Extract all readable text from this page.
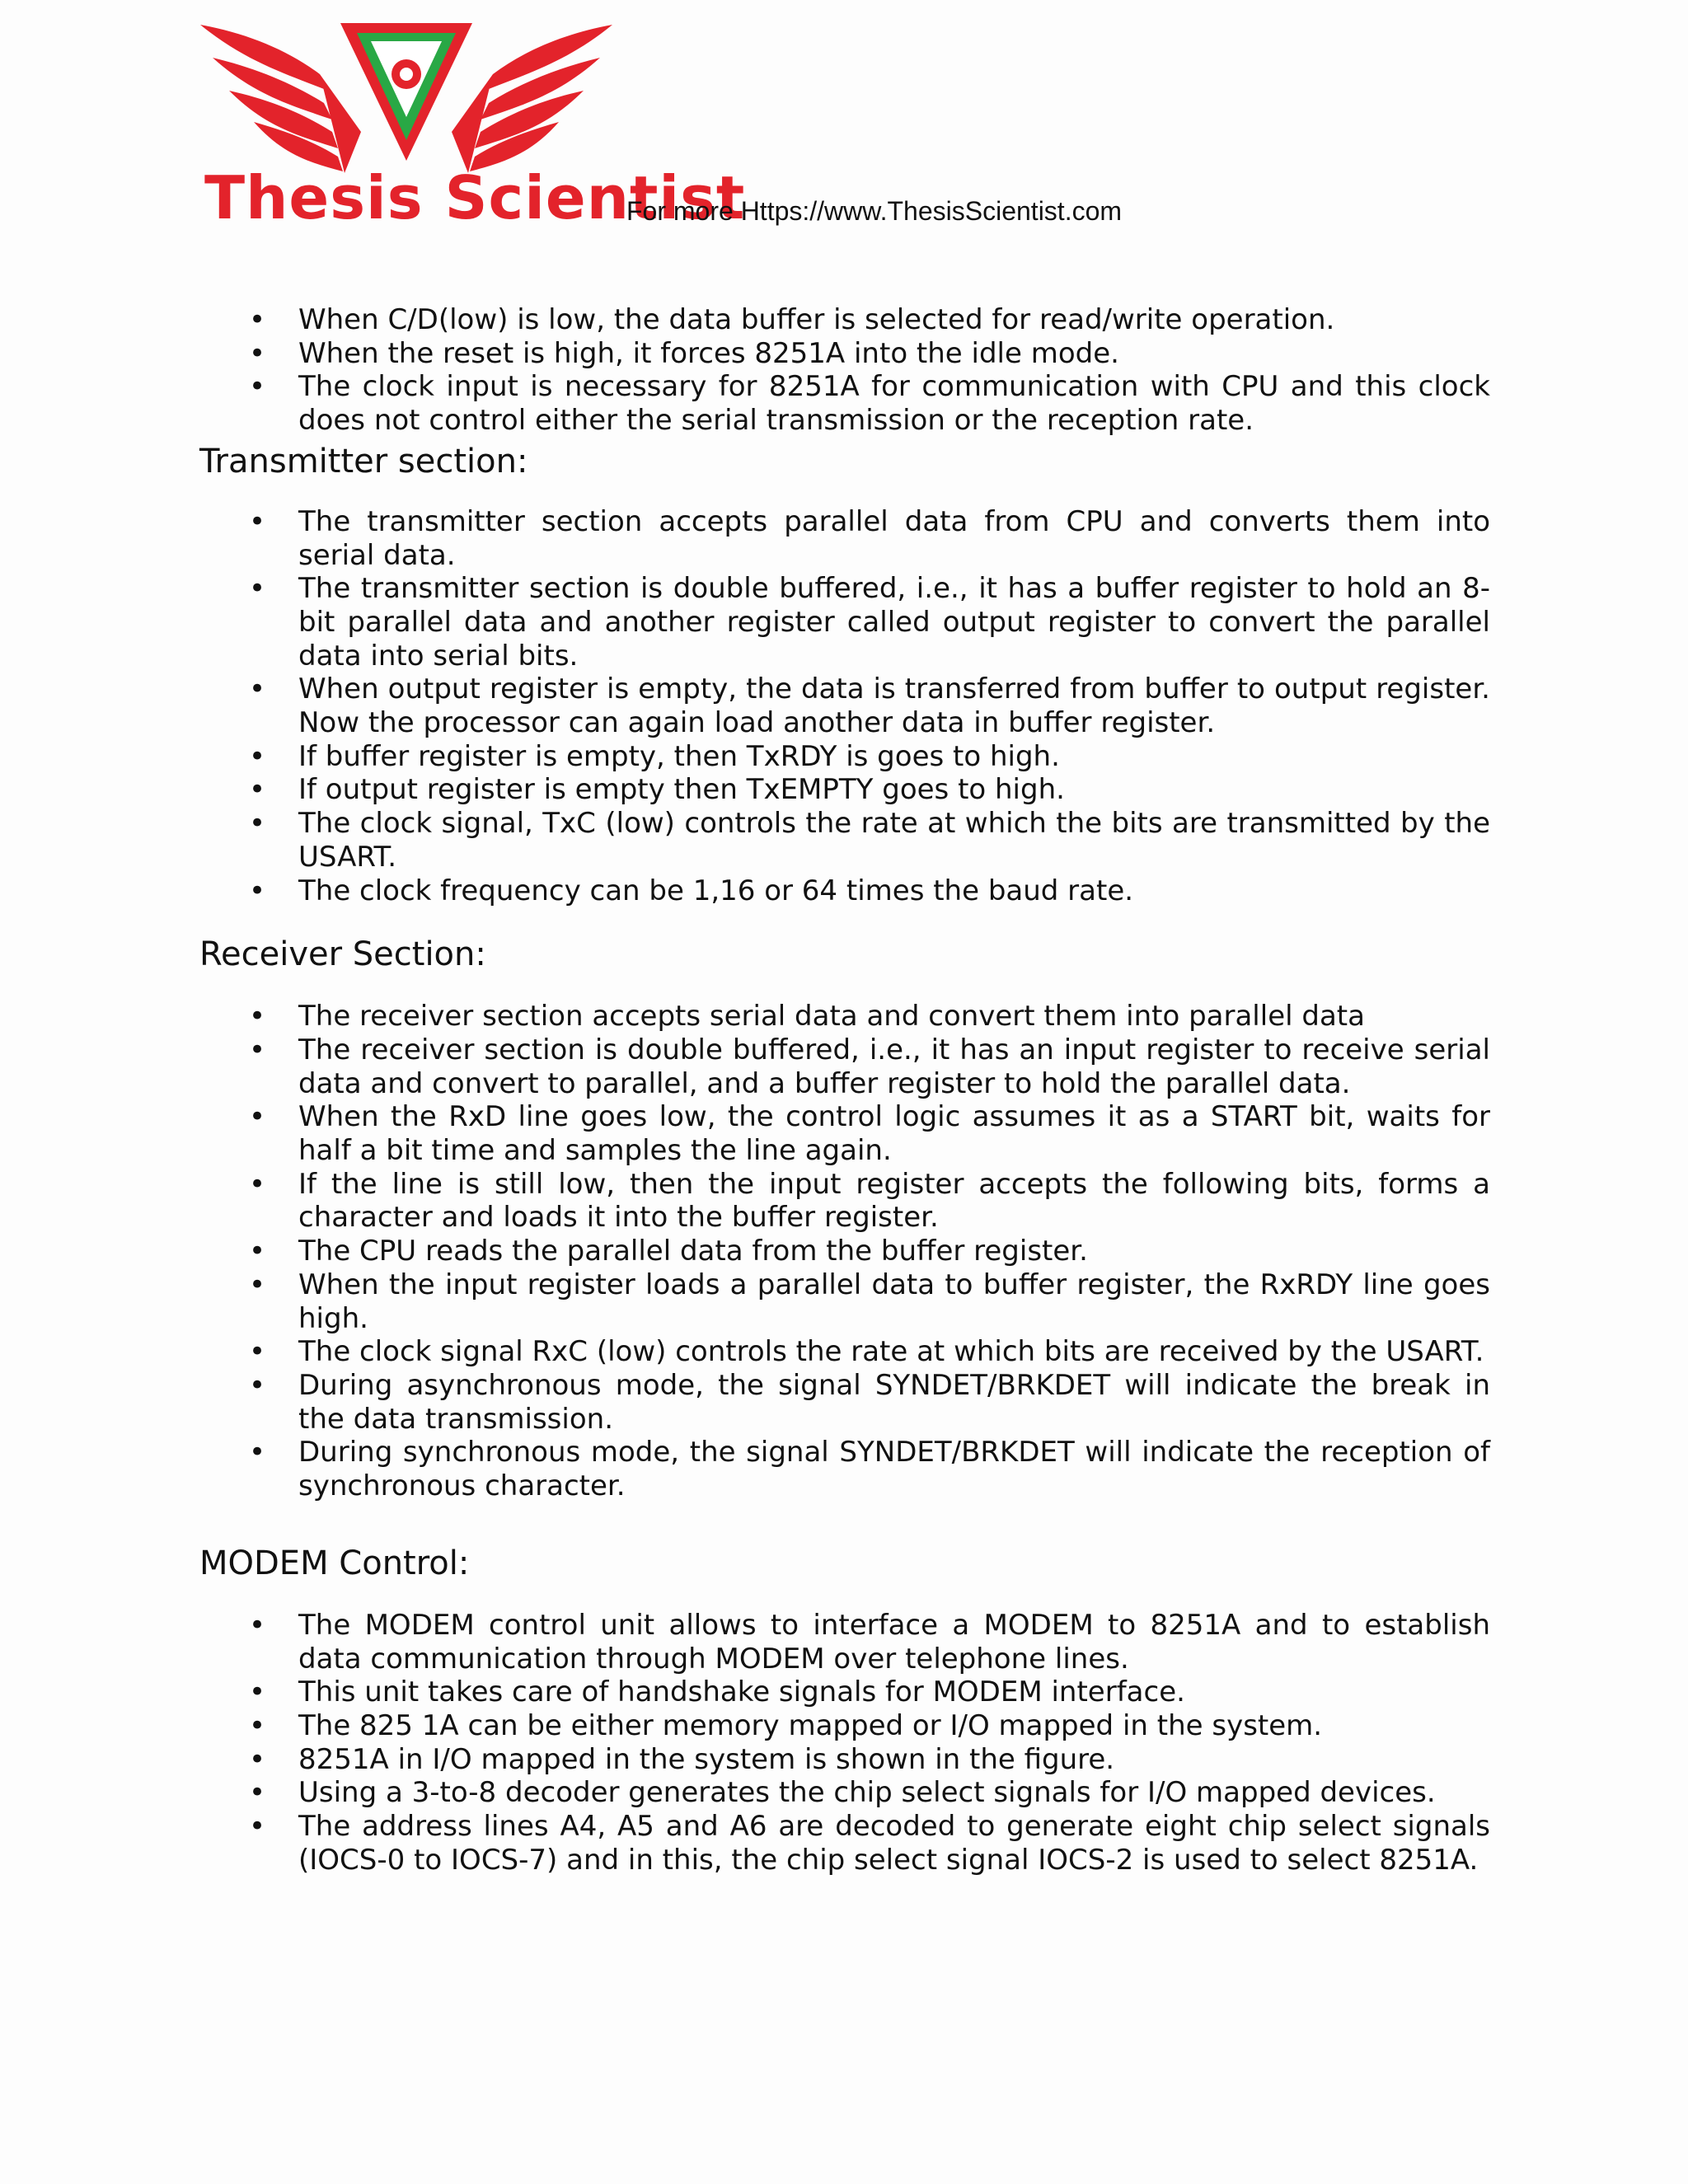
Thesis Scientist
For more Https://www.ThesisScientist.com
• When C/D(low) is low, the data buffer is selected for read/write operation.
• When the reset is high, it forces 8251A into the idle mode.
• The clock input is necessary for 8251A for communication with CPU and this clock does not control either the serial transmission or the reception rate.
Transmitter section:
• The transmitter section accepts parallel data from CPU and converts them into serial data.
• The transmitter section is double buffered, i.e., it has a buffer register to hold an 8-bit parallel data and another register called output register to convert the parallel data into serial bits.
• When output register is empty, the data is transferred from buffer to output register. Now the processor can again load another data in buffer register.
• If buffer register is empty, then TxRDY is goes to high.
• If output register is empty then TxEMPTY goes to high.
• The clock signal, TxC (low) controls the rate at which the bits are transmitted by the USART.
• The clock frequency can be 1,16 or 64 times the baud rate.
Receiver Section:
• The receiver section accepts serial data and convert them into parallel data
• The receiver section is double buffered, i.e., it has an input register to receive serial data and convert to parallel, and a buffer register to hold the parallel data.
• When the RxD line goes low, the control logic assumes it as a START bit, waits for half a bit time and samples the line again.
• If the line is still low, then the input register accepts the following bits, forms a character and loads it into the buffer register.
• The CPU reads the parallel data from the buffer register.
• When the input register loads a parallel data to buffer register, the RxRDY line goes high.
• The clock signal RxC (low) controls the rate at which bits are received by the USART.
• During asynchronous mode, the signal SYNDET/BRKDET will indicate the break in the data transmission.
• During synchronous mode, the signal SYNDET/BRKDET will indicate the reception of synchronous character.
MODEM Control:
• The MODEM control unit allows to interface a MODEM to 8251A and to establish data communication through MODEM over telephone lines.
• This unit takes care of handshake signals for MODEM interface.
• The 825 1A can be either memory mapped or I/O mapped in the system.
• 8251A in I/O mapped in the system is shown in the figure.
• Using a 3-to-8 decoder generates the chip select signals for I/O mapped devices.
• The address lines A4, A5 and A6 are decoded to generate eight chip select signals (IOCS-0 to IOCS-7) and in this, the chip select signal IOCS-2 is used to select 8251A.
